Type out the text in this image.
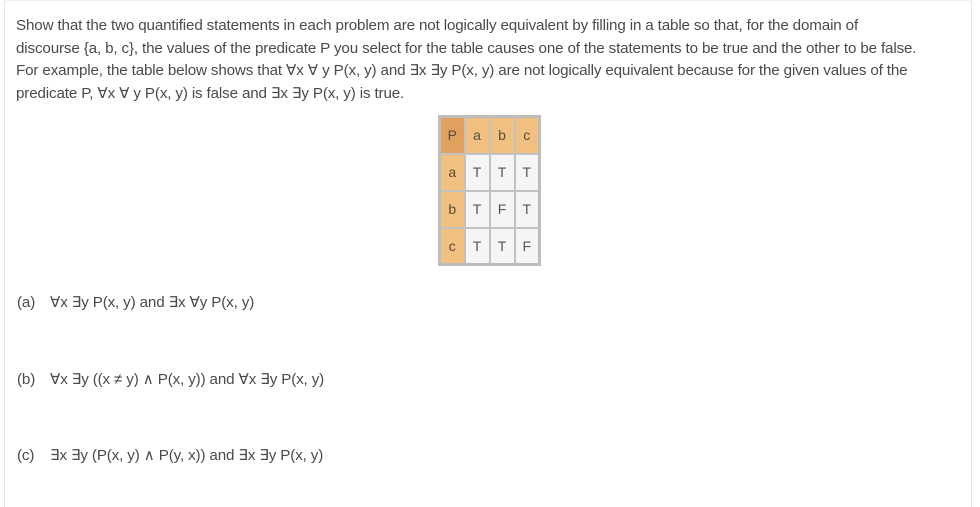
Show that the two quantified statements in each problem are not logically equivalent by filling in a table so that, for the domain of

discourse {a, b, c}, the values of the predicate P you select for the table causes one of the statements to be true and the other to be false.

For example, the table below shows that ∀x ∀ y P(x, y) and ∃x ∃y P(x, y) are not logically equivalent because for the given values of the

predicate P, ∀x ∀ y P(x, y) is false and ∃x ∃y P(x, y) is true.

P	a	b	c
a	T	T	T
b	T	F	T
c	T	T	F
(a) ∀x ∃y P(x, y) and ∃x ∀y P(x, y)
(b) ∀x ∃y ((x ≠ y) ∧ P(x, y)) and ∀x ∃y P(x, y)
(c) ∃x ∃y (P(x, y) ∧ P(y, x)) and ∃x ∃y P(x, y)
